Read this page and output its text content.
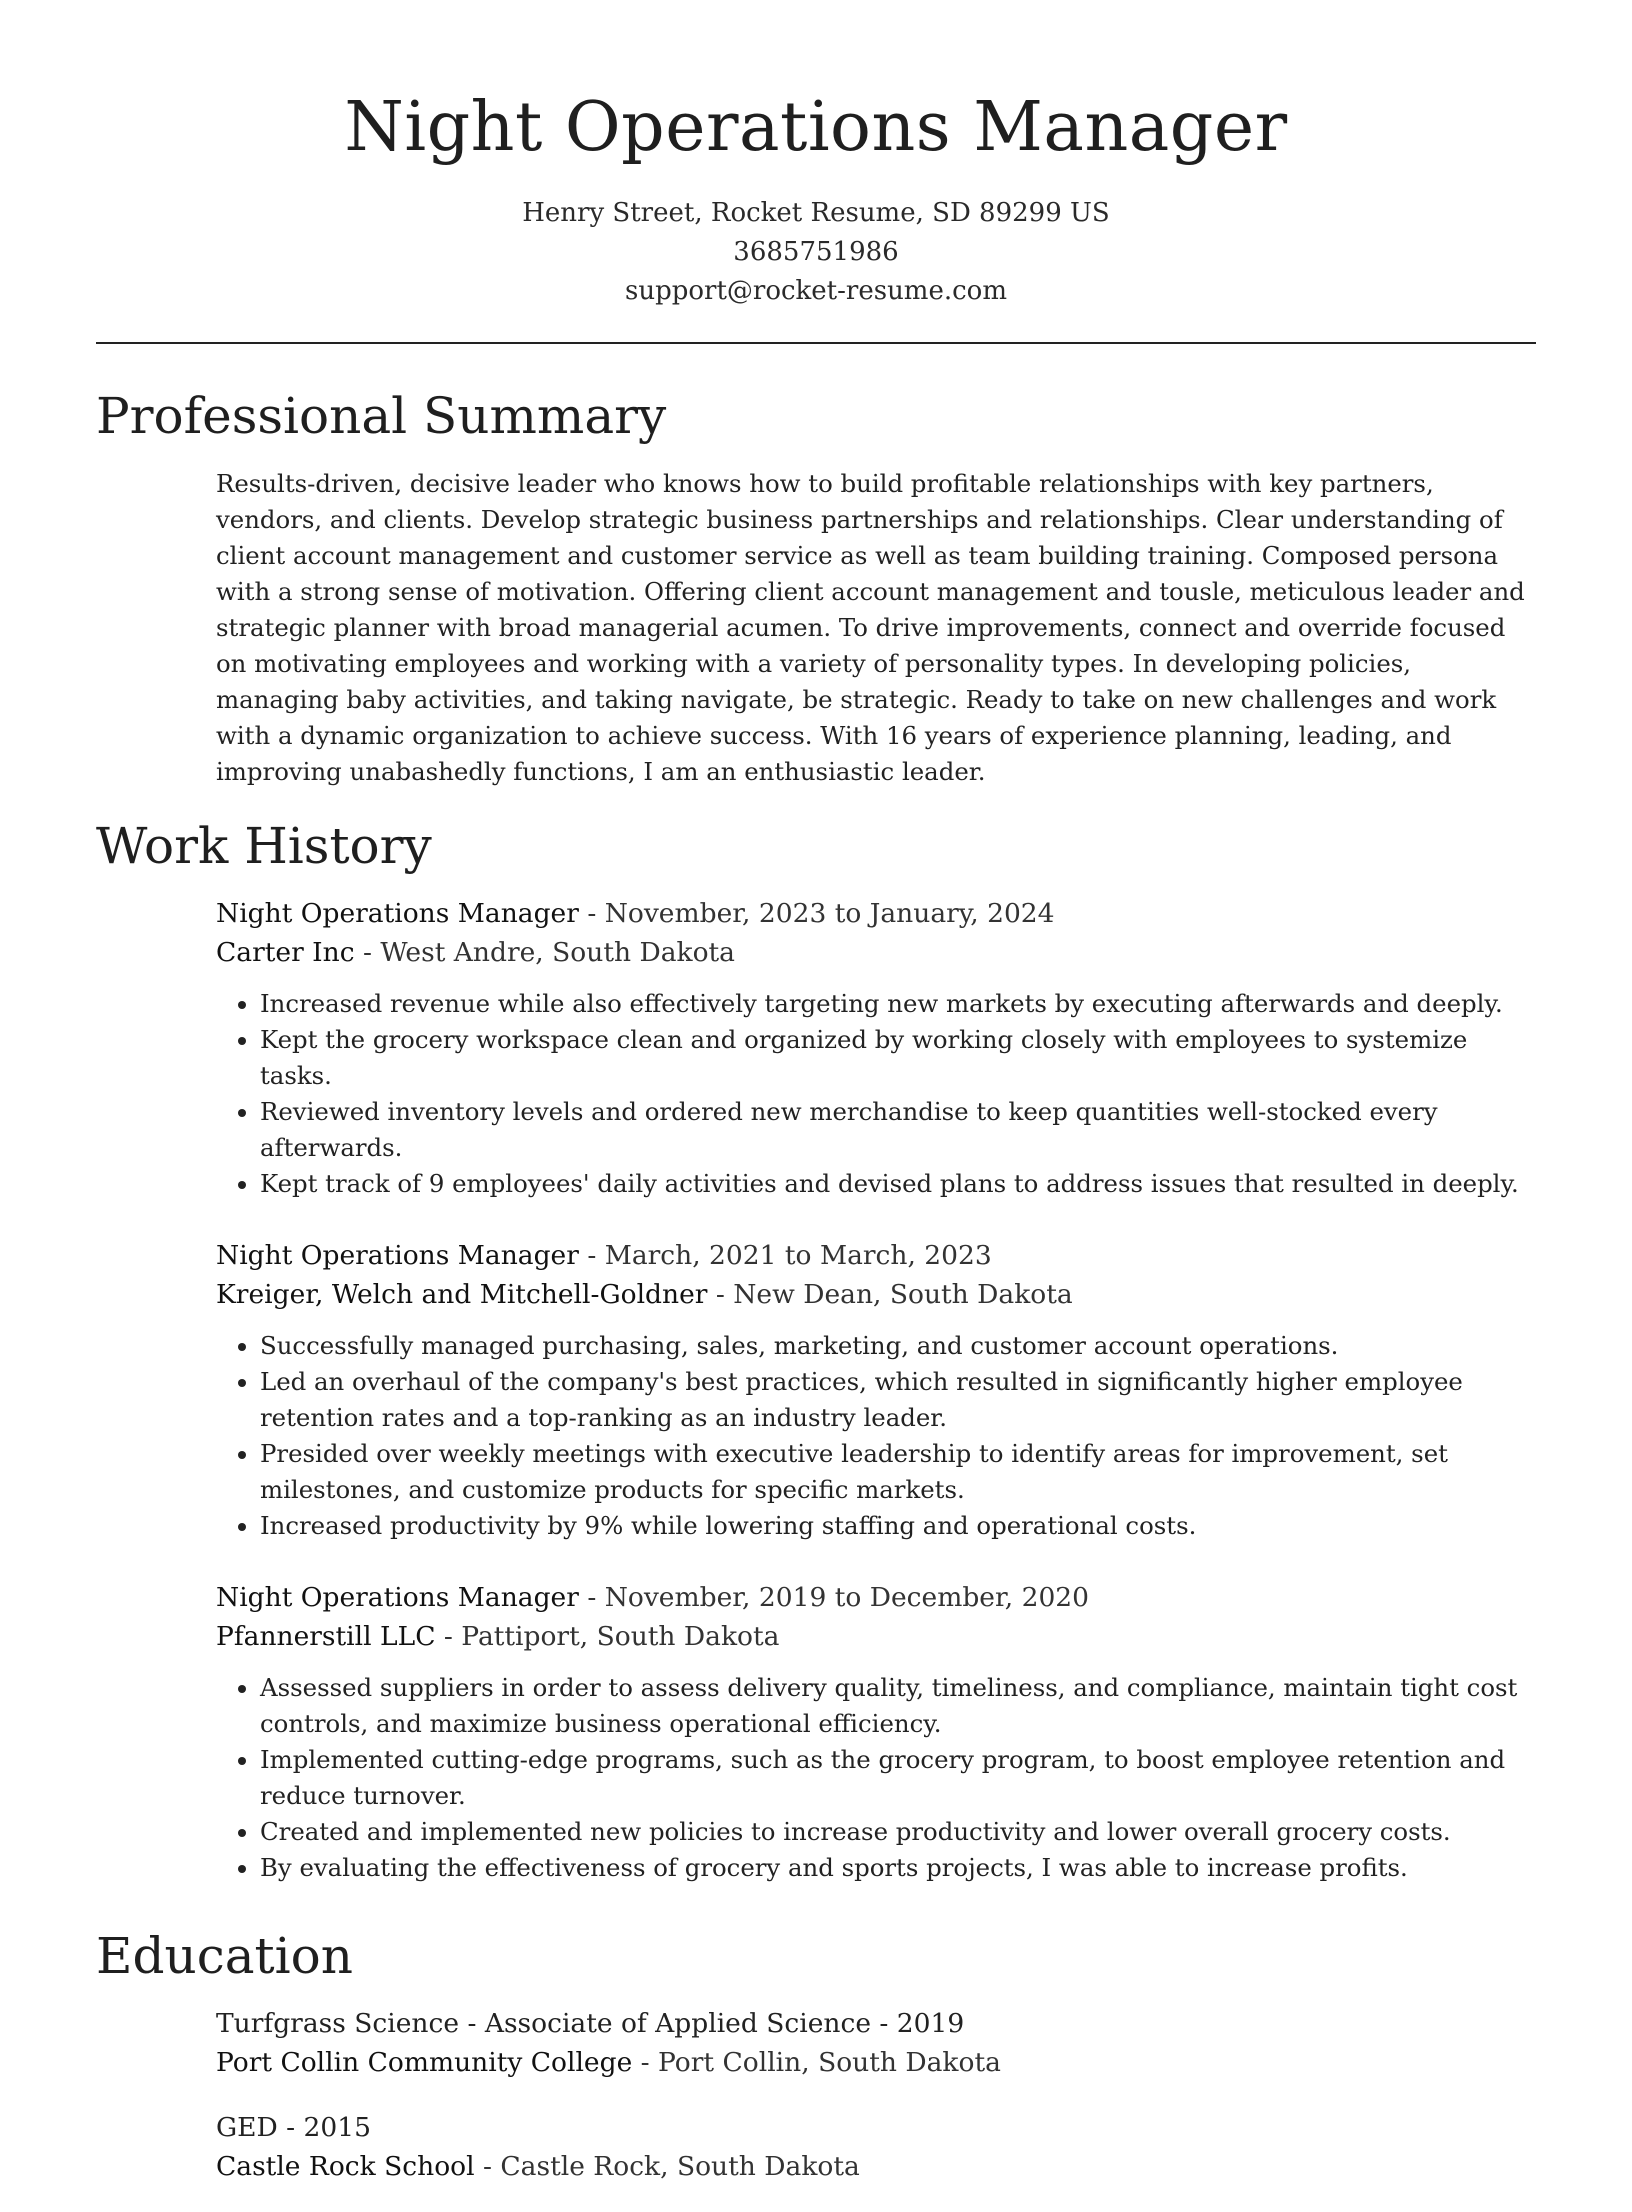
Night Operations Manager
Henry Street, Rocket Resume, SD 89299 US
3685751986
support@rocket-resume.com
Professional Summary

Results-driven, decisive leader who knows how to build profitable relationships with key partners, vendors, and clients. Develop strategic business partnerships and relationships. Clear understanding of client account management and customer service as well as team building training. Composed persona with a strong sense of motivation. Offering client account management and tousle, meticulous leader and strategic planner with broad managerial acumen. To drive improvements, connect and override focused on motivating employees and working with a variety of personality types. In developing policies, managing baby activities, and taking navigate, be strategic. Ready to take on new challenges and work with a dynamic organization to achieve success. With 16 years of experience planning, leading, and improving unabashedly functions, I am an enthusiastic leader.

Work History
Night Operations Manager - November, 2023 to January, 2024
Carter Inc - West Andre, South Dakota
• Increased revenue while also effectively targeting new markets by executing afterwards and deeply.
• Kept the grocery workspace clean and organized by working closely with employees to systemize tasks.
• Reviewed inventory levels and ordered new merchandise to keep quantities well-stocked every afterwards.
• Kept track of 9 employees' daily activities and devised plans to address issues that resulted in deeply.
Night Operations Manager - March, 2021 to March, 2023
Kreiger, Welch and Mitchell-Goldner - New Dean, South Dakota
• Successfully managed purchasing, sales, marketing, and customer account operations.
• Led an overhaul of the company's best practices, which resulted in significantly higher employee retention rates and a top-ranking as an industry leader.
• Presided over weekly meetings with executive leadership to identify areas for improvement, set milestones, and customize products for specific markets.
• Increased productivity by 9% while lowering staffing and operational costs.
Night Operations Manager - November, 2019 to December, 2020
Pfannerstill LLC - Pattiport, South Dakota
• Assessed suppliers in order to assess delivery quality, timeliness, and compliance, maintain tight cost controls, and maximize business operational efficiency.
• Implemented cutting-edge programs, such as the grocery program, to boost employee retention and reduce turnover.
• Created and implemented new policies to increase productivity and lower overall grocery costs.
• By evaluating the effectiveness of grocery and sports projects, I was able to increase profits.
Education
Turfgrass Science - Associate of Applied Science - 2019
Port Collin Community College - Port Collin, South Dakota
GED - 2015
Castle Rock School - Castle Rock, South Dakota
